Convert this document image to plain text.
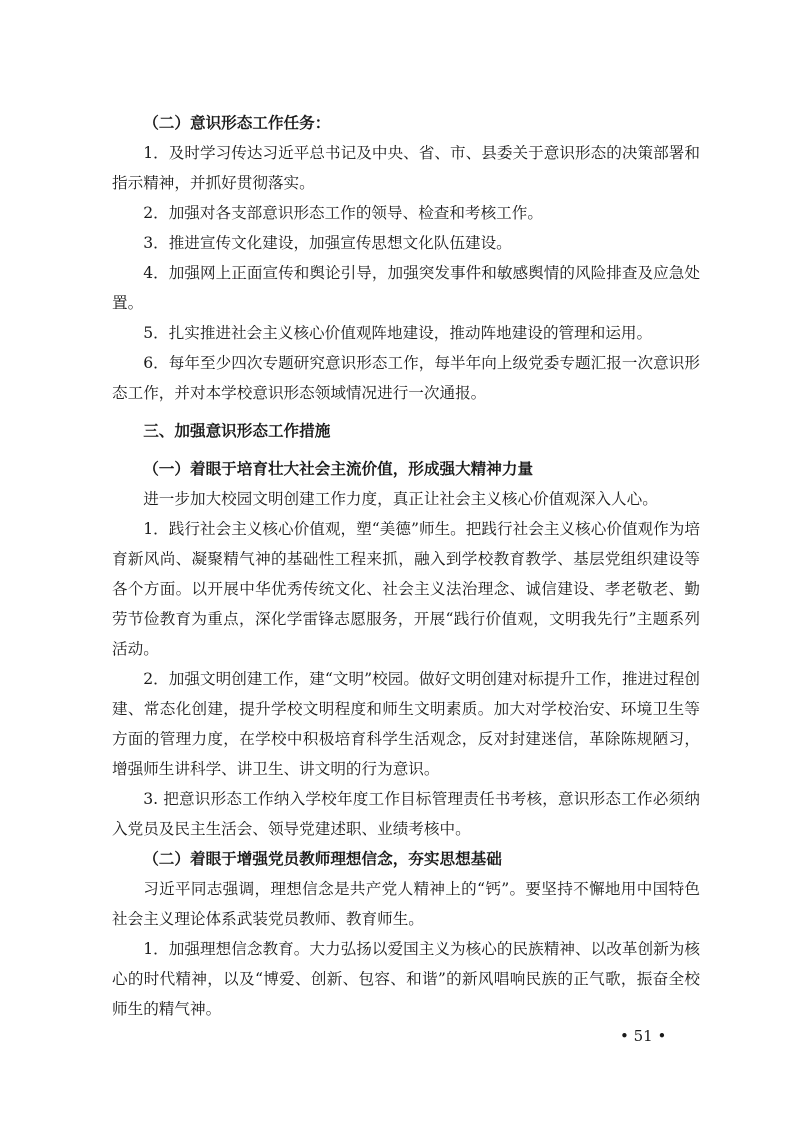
（二）意识形态工作任务：

1．及时学习传达习近平总书记及中央、省、市、县委关于意识形态的决策部署和指示精神，并抓好贯彻落实。

2．加强对各支部意识形态工作的领导、检查和考核工作。

3．推进宣传文化建设，加强宣传思想文化队伍建设。

4．加强网上正面宣传和舆论引导，加强突发事件和敏感舆情的风险排查及应急处置。

5．扎实推进社会主义核心价值观阵地建设，推动阵地建设的管理和运用。

6．每年至少四次专题研究意识形态工作，每半年向上级党委专题汇报一次意识形态工作，并对本学校意识形态领域情况进行一次通报。

三、加强意识形态工作措施

（一）着眼于培育壮大社会主流价值，形成强大精神力量

进一步加大校园文明创建工作力度，真正让社会主义核心价值观深入人心。

1．践行社会主义核心价值观，塑“美德”师生。把践行社会主义核心价值观作为培育新风尚、凝聚精气神的基础性工程来抓，融入到学校教育教学、基层党组织建设等各个方面。以开展中华优秀传统文化、社会主义法治理念、诚信建设、孝老敬老、勤劳节俭教育为重点，深化学雷锋志愿服务，开展“践行价值观，文明我先行”主题系列活动。

2．加强文明创建工作，建“文明”校园。做好文明创建对标提升工作，推进过程创建、常态化创建，提升学校文明程度和师生文明素质。加大对学校治安、环境卫生等方面的管理力度，在学校中积极培育科学生活观念，反对封建迷信，革除陈规陋习，增强师生讲科学、讲卫生、讲文明的行为意识。

3. 把意识形态工作纳入学校年度工作目标管理责任书考核，意识形态工作必须纳入党员及民主生活会、领导党建述职、业绩考核中。

（二）着眼于增强党员教师理想信念，夯实思想基础

习近平同志强调，理想信念是共产党人精神上的“钙”。要坚持不懈地用中国特色社会主义理论体系武装党员教师、教育师生。

1．加强理想信念教育。大力弘扬以爱国主义为核心的民族精神、以改革创新为核心的时代精神，以及“博爱、创新、包容、和谐”的新风唱响民族的正气歌，振奋全校师生的精气神。

• 51 •
